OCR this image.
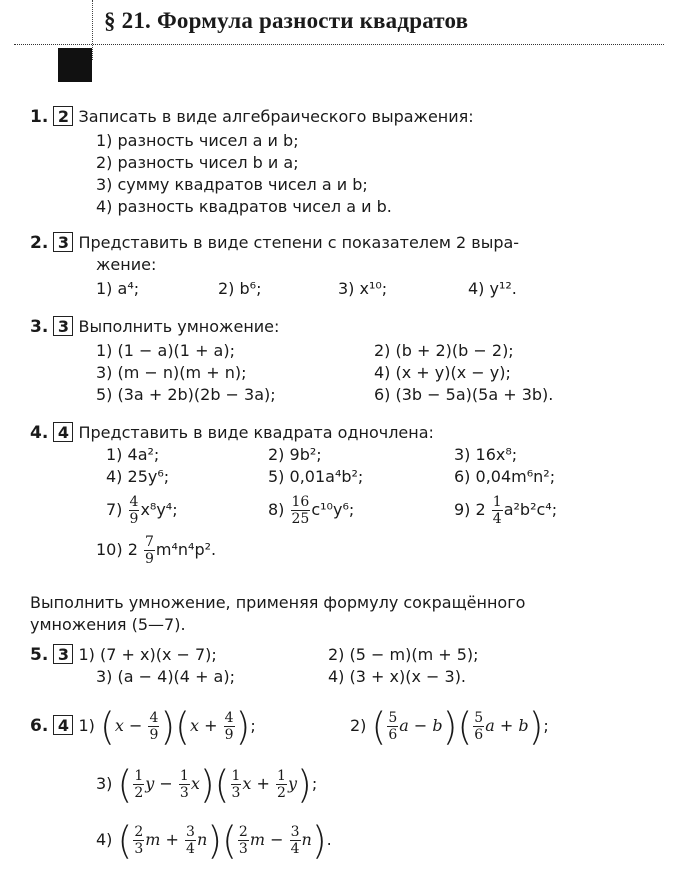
§ 21. Формула разности квадратов
1. 2 Записать в виде алгебраического выражения:
1) разность чисел a и b;
2) разность чисел b и a;
3) сумму квадратов чисел a и b;
4) разность квадратов чисел a и b.
2. 3 Представить в виде степени с показателем 2 выра-
жение:
1) a⁴;	2) b⁶;	3) x¹⁰;	4) y¹².
3. 3 Выполнить умножение:
1) (1 − a)(1 + a);	2) (b + 2)(b − 2);
3) (m − n)(m + n);	4) (x + y)(x − y);
5) (3a + 2b)(2b − 3a);	6) (3b − 5a)(5a + 3b).
4. 4 Представить в виде квадрата одночлена:
1) 4a²;	2) 9b²;	3) 16x⁸;
4) 25y⁶;	5) 0,01a⁴b²;	6) 0,04m⁶n²;
$7) \frac{4}{9} x^8y^4$;	$8) \frac{16}{25} c^{10}y^6$;	9) $2 \frac{1}{4} a^2b^2c^4$;
10) $2 \frac{7}{9} m^4n^4p^2$.
Выполнить умножение, применяя формулу сокращённого
умножения (5—7).
5. 3 1) (7 + x)(x − 7);	2) (5 − m)(m + 5);
3) (a − 4)(4 + a);	4) (3 + x)(x − 3).
6. 4 1) $(x - \frac{4}{9} )(x + \frac{4}{9}$ );	2) ( $\frac{5}{6}$ $a - b)( \frac{5}{6}$ a + b);
3) ( $\frac{1}{2}$ $y - \frac{1}{3} x)( \frac{1}{3}$ $x + \frac{1}{2} y$);
4) ( $\frac{2}{3}$ $m + \frac{3}{4} n)( \frac{2}{3}$ $m - \frac{3}{4} n$).
